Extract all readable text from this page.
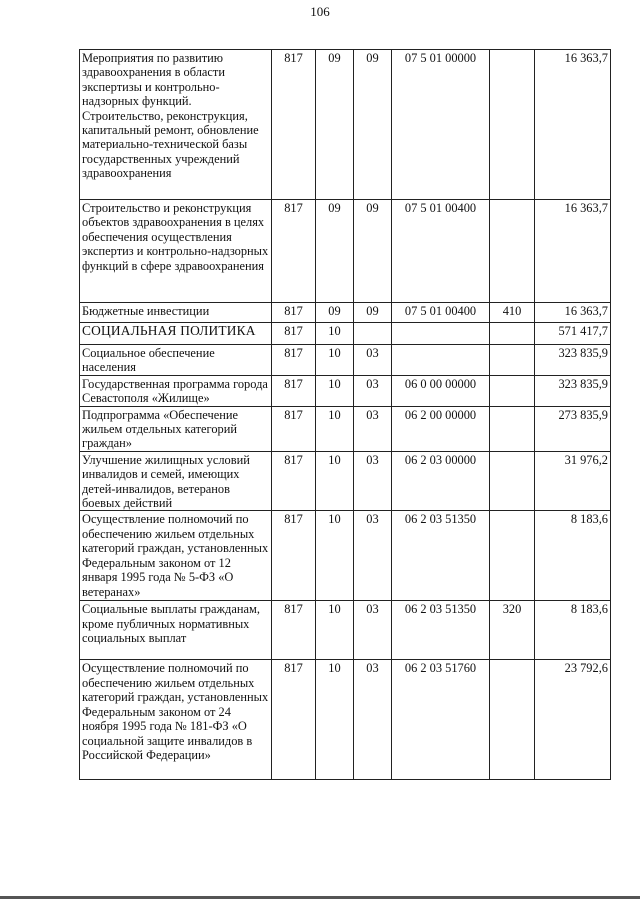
106
Мероприятия по развитию здравоохранения в области экспертизы и контрольно-надзорных функций. Строительство, реконструкция, капитальный ремонт, обновление материально-технической базы государственных учреждений здравоохранения	817	09	09	07 5 01 00000		16 363,7
Строительство и реконструкция объектов здравоохранения в целях обеспечения осуществления экспертиз и контрольно-надзорных функций в сфере здравоохранения	817	09	09	07 5 01 00400		16 363,7
Бюджетные инвестиции	817	09	09	07 5 01 00400	410	16 363,7
СОЦИАЛЬНАЯ ПОЛИТИКА	817	10				571 417,7
Социальное обеспечение населения	817	10	03			323 835,9
Государственная программа города Севастополя «Жилище»	817	10	03	06 0 00 00000		323 835,9
Подпрограмма «Обеспечение жильем отдельных категорий граждан»	817	10	03	06 2 00 00000		273 835,9
Улучшение жилищных условий инвалидов и семей, имеющих детей-инвалидов, ветеранов боевых действий	817	10	03	06 2 03 00000		31 976,2
Осуществление полномочий по обеспечению жильем отдельных категорий граждан, установленных Федеральным законом от 12 января 1995 года № 5-ФЗ «О ветеранах»	817	10	03	06 2 03 51350		8 183,6
Социальные выплаты гражданам, кроме публичных нормативных социальных выплат	817	10	03	06 2 03 51350	320	8 183,6
Осуществление полномочий по обеспечению жильем отдельных категорий граждан, установленных Федеральным законом от 24 ноября 1995 года № 181-ФЗ «О социальной защите инвалидов в Российской Федерации»	817	10	03	06 2 03 51760		23 792,6
